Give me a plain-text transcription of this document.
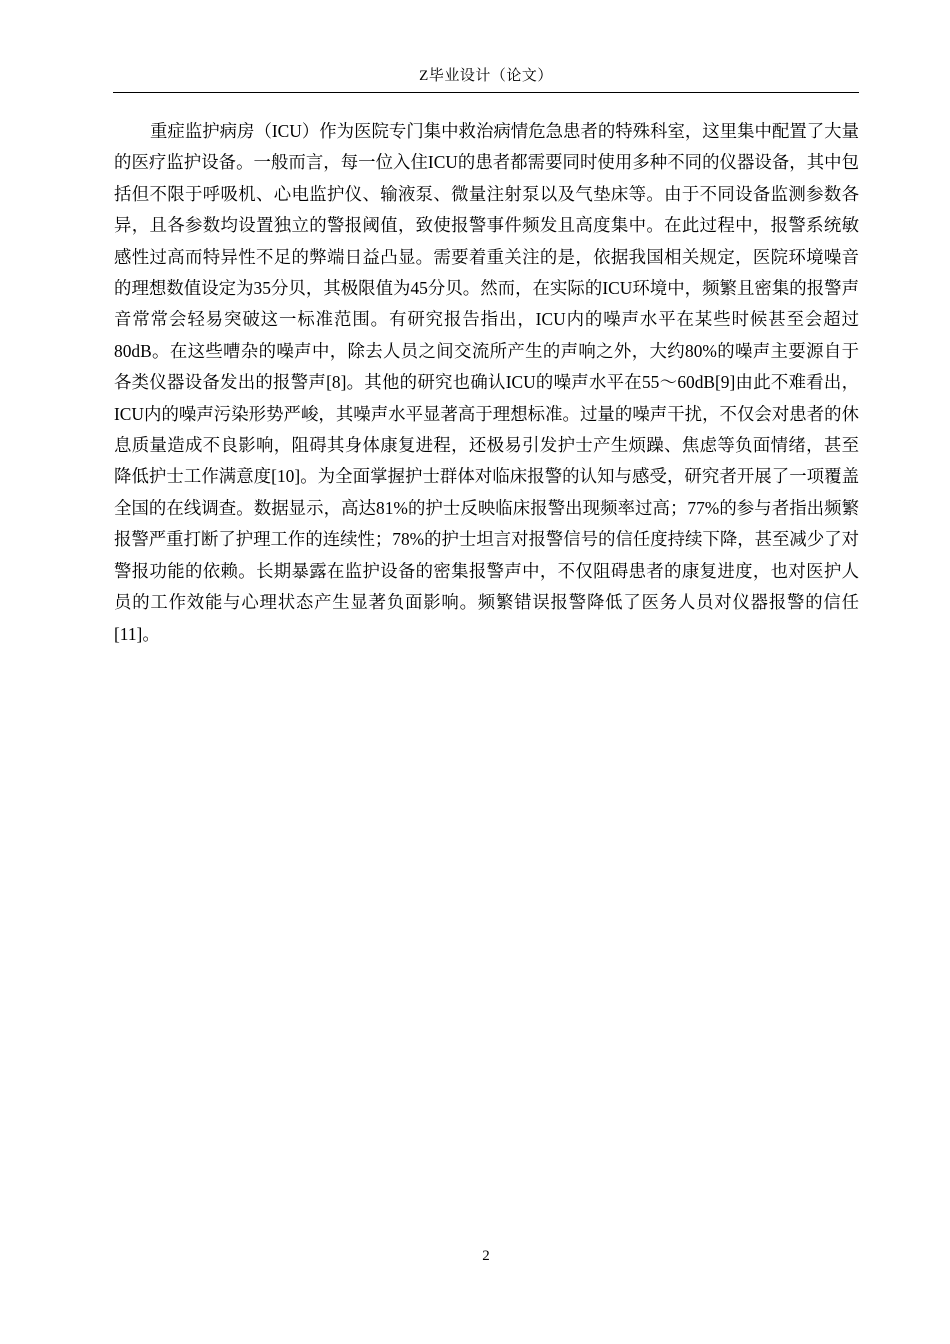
Z毕业设计（论文）

重症监护病房（ICU）作为医院专门集中救治病情危急患者的特殊科室，这里集中配置了大量的医疗监护设备。一般而言，每一位入住ICU的患者都需要同时使用多种不同的仪器设备，其中包括但不限于呼吸机、心电监护仪、输液泵、微量注射泵以及气垫床等。由于不同设备监测参数各异，且各参数均设置独立的警报阈值，致使报警事件频发且高度集中。在此过程中，报警系统敏感性过高而特异性不足的弊端日益凸显。需要着重关注的是，依据我国相关规定，医院环境噪音的理想数值设定为35分贝，其极限值为45分贝。然而，在实际的ICU环境中，频繁且密集的报警声音常常会轻易突破这一标准范围。有研究报告指出，ICU内的噪声水平在某些时候甚至会超过80dB。在这些嘈杂的噪声中，除去人员之间交流所产生的声响之外，大约80%的噪声主要源自于各类仪器设备发出的报警声[8]。其他的研究也确认ICU的噪声水平在55～60dB[9]由此不难看出，ICU内的噪声污染形势严峻，其噪声水平显著高于理想标准。过量的噪声干扰，不仅会对患者的休息质量造成不良影响，阻碍其身体康复进程，还极易引发护士产生烦躁、焦虑等负面情绪，甚至降低护士工作满意度[10]。为全面掌握护士群体对临床报警的认知与感受，研究者开展了一项覆盖全国的在线调查。数据显示，高达81%的护士反映临床报警出现频率过高；77%的参与者指出频繁报警严重打断了护理工作的连续性；78%的护士坦言对报警信号的信任度持续下降，甚至减少了对警报功能的依赖。长期暴露在监护设备的密集报警声中，不仅阻碍患者的康复进度，也对医护人员的工作效能与心理状态产生显著负面影响。频繁错误报警降低了医务人员对仪器报警的信任[11]。

2
